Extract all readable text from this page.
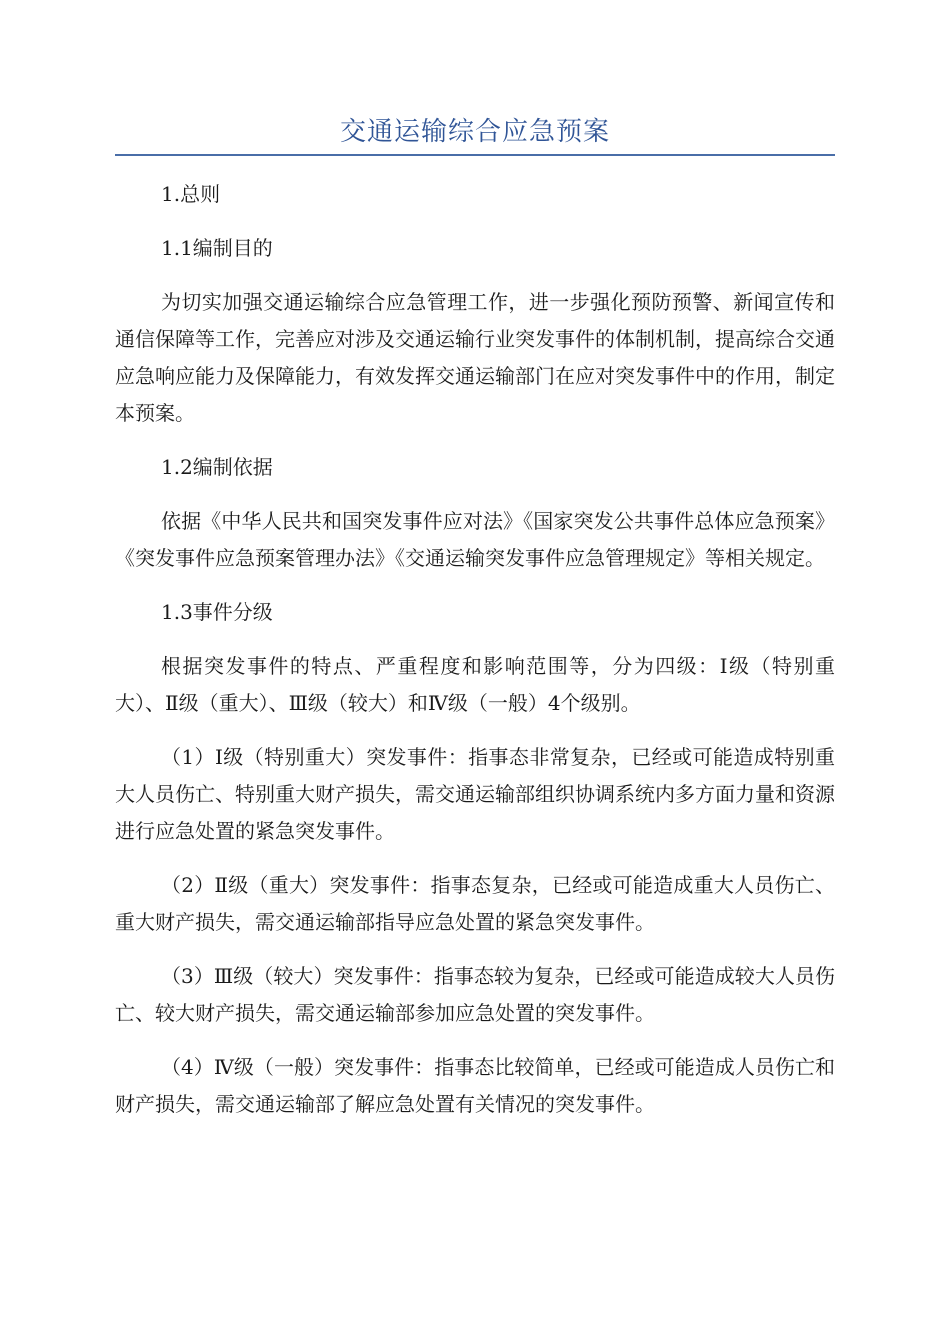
交通运输综合应急预案

1.总则

1.1编制目的

为切实加强交通运输综合应急管理工作，进一步强化预防预警、新闻宣传和通信保障等工作，完善应对涉及交通运输行业突发事件的体制机制，提高综合交通应急响应能力及保障能力，有效发挥交通运输部门在应对突发事件中的作用，制定本预案。

1.2编制依据

依据《中华人民共和国突发事件应对法》《国家突发公共事件总体应急预案》《突发事件应急预案管理办法》《交通运输突发事件应急管理规定》等相关规定。

1.3事件分级

根据突发事件的特点、严重程度和影响范围等，分为四级：Ⅰ级（特别重大）、Ⅱ级（重大）、Ⅲ级（较大）和Ⅳ级（一般）4个级别。

（1）Ⅰ级（特别重大）突发事件：指事态非常复杂，已经或可能造成特别重大人员伤亡、特别重大财产损失，需交通运输部组织协调系统内多方面力量和资源进行应急处置的紧急突发事件。

（2）Ⅱ级（重大）突发事件：指事态复杂，已经或可能造成重大人员伤亡、重大财产损失，需交通运输部指导应急处置的紧急突发事件。

（3）Ⅲ级（较大）突发事件：指事态较为复杂，已经或可能造成较大人员伤亡、较大财产损失，需交通运输部参加应急处置的突发事件。

（4）Ⅳ级（一般）突发事件：指事态比较简单，已经或可能造成人员伤亡和财产损失，需交通运输部了解应急处置有关情况的突发事件。
